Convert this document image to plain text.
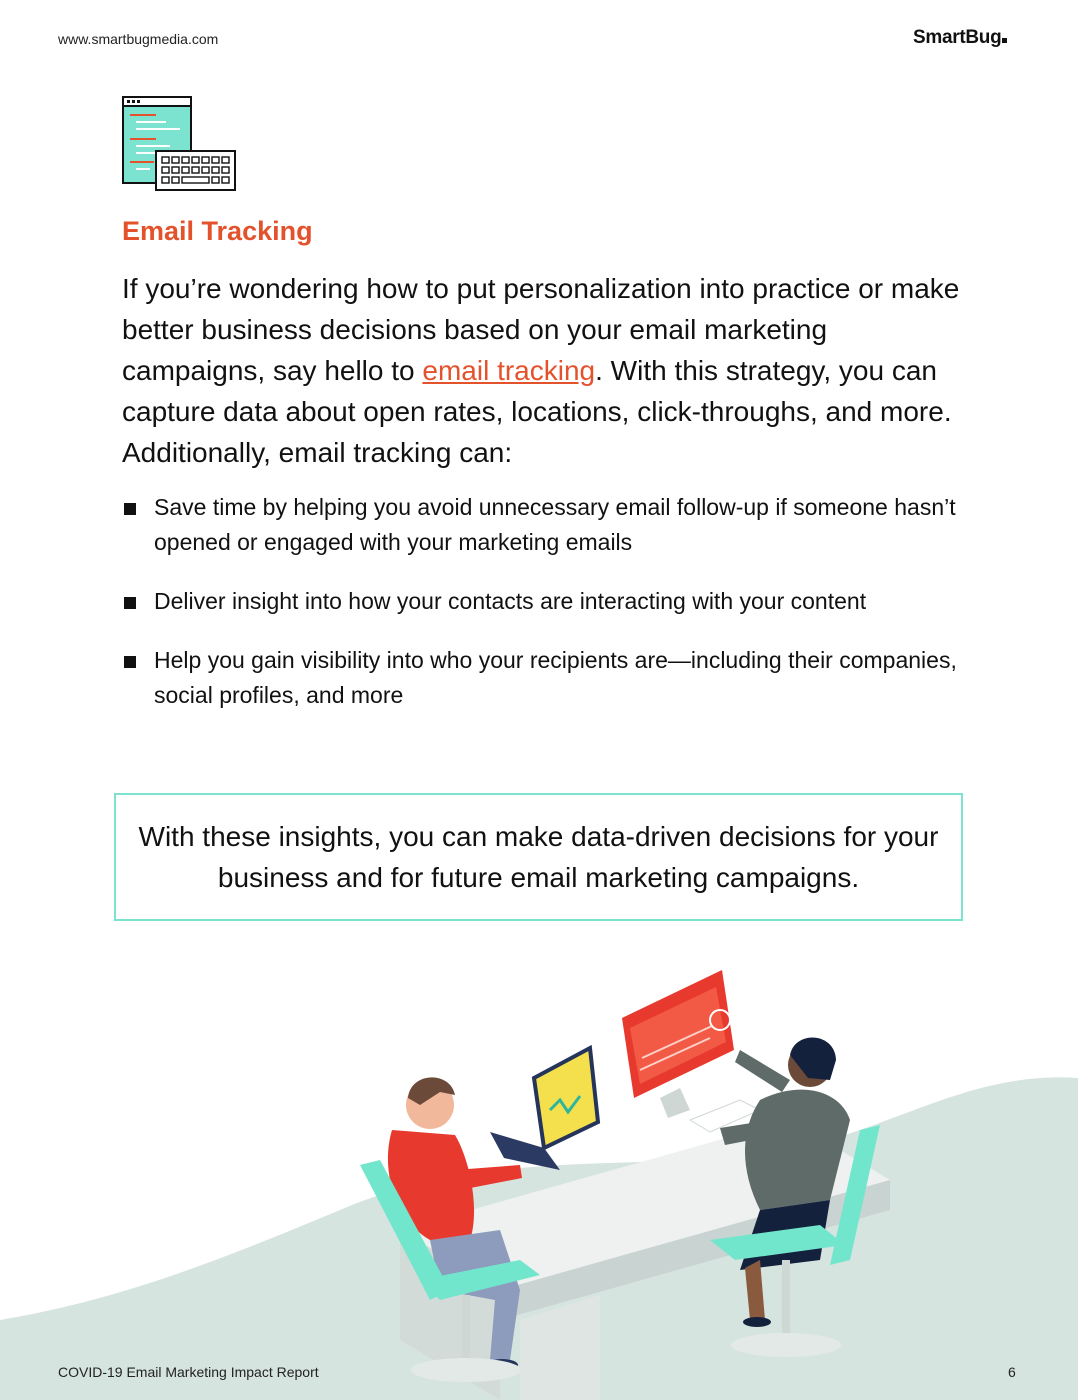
www.smartbugmedia.com	SmartBug
Email Tracking

If you’re wondering how to put personalization into practice or make better business decisions based on your email marketing campaigns, say hello to email tracking. With this strategy, you can capture data about open rates, locations, click-throughs, and more. Additionally, email tracking can:

Save time by helping you avoid unnecessary email follow-up if someone hasn’t opened or engaged with your marketing emails
Deliver insight into how your contacts are interacting with your content
Help you gain visibility into who your recipients are—including their companies, social profiles, and more
With these insights, you can make data-driven decisions for your business and for future email marketing campaigns.
COVID-19 Email Marketing Impact Report	6
